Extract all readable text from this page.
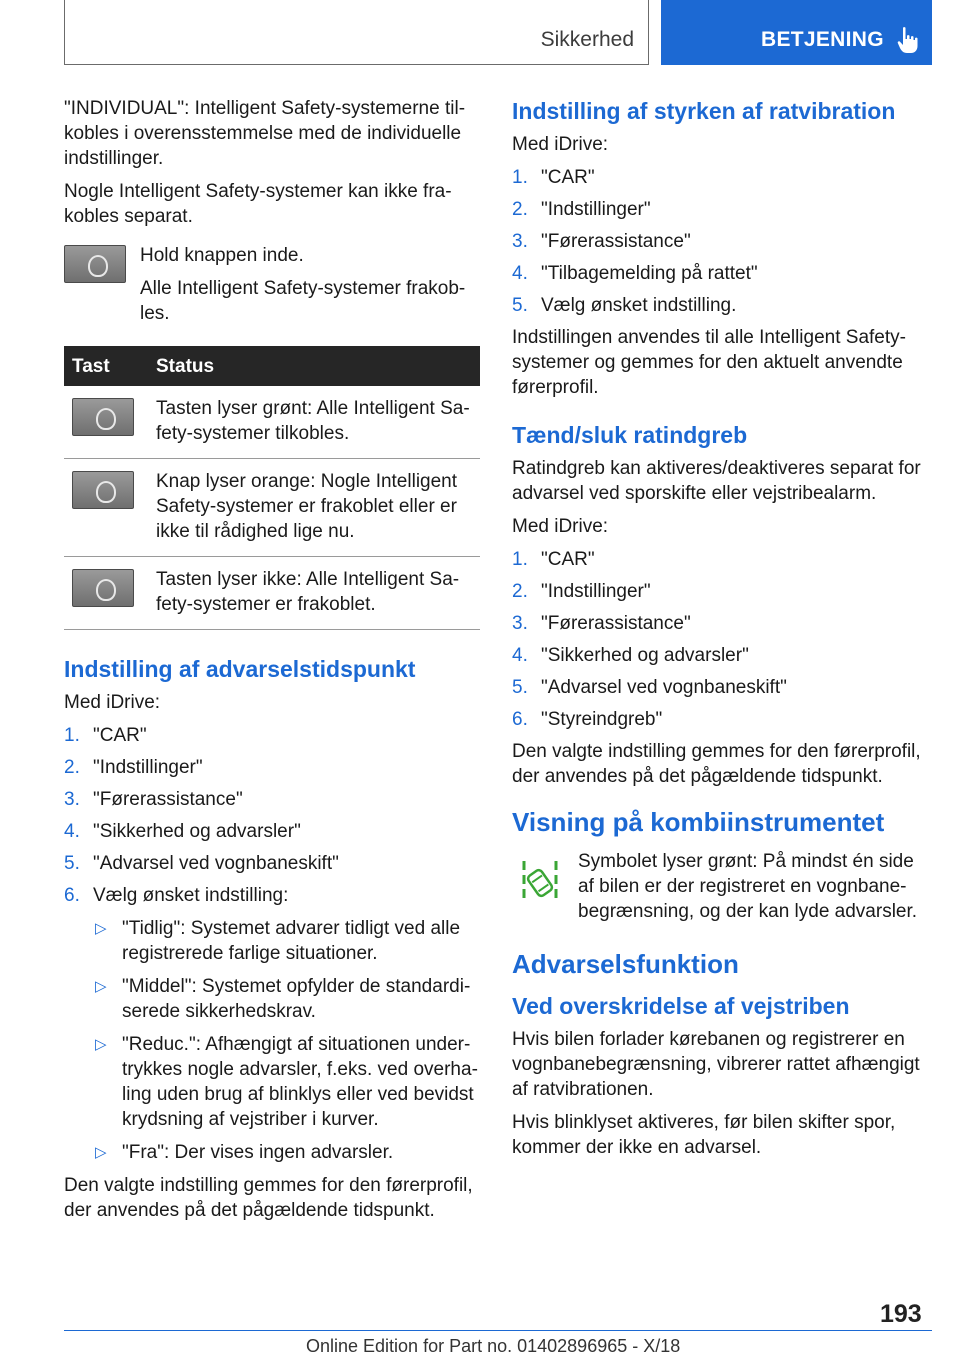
Sikkerhed	BETJENING

"INDIVIDUAL": Intelligent Safety-systemerne tilkobles i overensstemmelse med de individuelle indstillinger.

Nogle Intelligent Safety-systemer kan ikke frakobles separat.

Hold knappen inde.

Alle Intelligent Safety-systemer frakobles.

Tast	Status
	Tasten lyser grønt: Alle Intelligent Safety-systemer tilkobles.
	Knap lyser orange: Nogle Intelligent Safety-systemer er frakoblet eller er ikke til rådighed lige nu.
	Tasten lyser ikke: Alle Intelligent Safety-systemer er frakoblet.
Indstilling af advarselstidspunkt

Med iDrive:

1. "CAR"
2. "Indstillinger"
3. "Førerassistance"
4. "Sikkerhed og advarsler"
5. "Advarsel ved vognbaneskift"
6. Vælg ønsket indstilling:
▷ "Tidlig": Systemet advarer tidligt ved alle registrerede farlige situationer.
▷ "Middel": Systemet opfylder de standardiserede sikkerhedskrav.
▷ "Reduc.": Afhængigt af situationen undertrykkes nogle advarsler, f.eks. ved overhaling uden brug af blinklys eller ved bevidst krydsning af vejstriber i kurver.
▷ "Fra": Der vises ingen advarsler.

Den valgte indstilling gemmes for den førerprofil, der anvendes på det pågældende tidspunkt.

Indstilling af styrken af ratvibration

Med iDrive:

1. "CAR"
2. "Indstillinger"
3. "Førerassistance"
4. "Tilbagemelding på rattet"
5. Vælg ønsket indstilling.

Indstillingen anvendes til alle Intelligent Safety-systemer og gemmes for den aktuelt anvendte førerprofil.

Tænd/sluk ratindgreb

Ratindgreb kan aktiveres/deaktiveres separat for advarsel ved sporskifte eller vejstribealarm.

Med iDrive:

1. "CAR"
2. "Indstillinger"
3. "Førerassistance"
4. "Sikkerhed og advarsler"
5. "Advarsel ved vognbaneskift"
6. "Styreindgreb"

Den valgte indstilling gemmes for den førerprofil, der anvendes på det pågældende tidspunkt.

Visning på kombiinstrumentet

Symbolet lyser grønt: På mindst én side af bilen er der registreret en vognbanebegrænsning, og der kan lyde advarsler.

Advarselsfunktion
Ved overskridelse af vejstriben

Hvis bilen forlader kørebanen og registrerer en vognbanebegrænsning, vibrerer rattet afhængigt af ratvibrationen.

Hvis blinklyset aktiveres, før bilen skifter spor, kommer der ikke en advarsel.

193
Online Edition for Part no. 01402896965 - X/18
